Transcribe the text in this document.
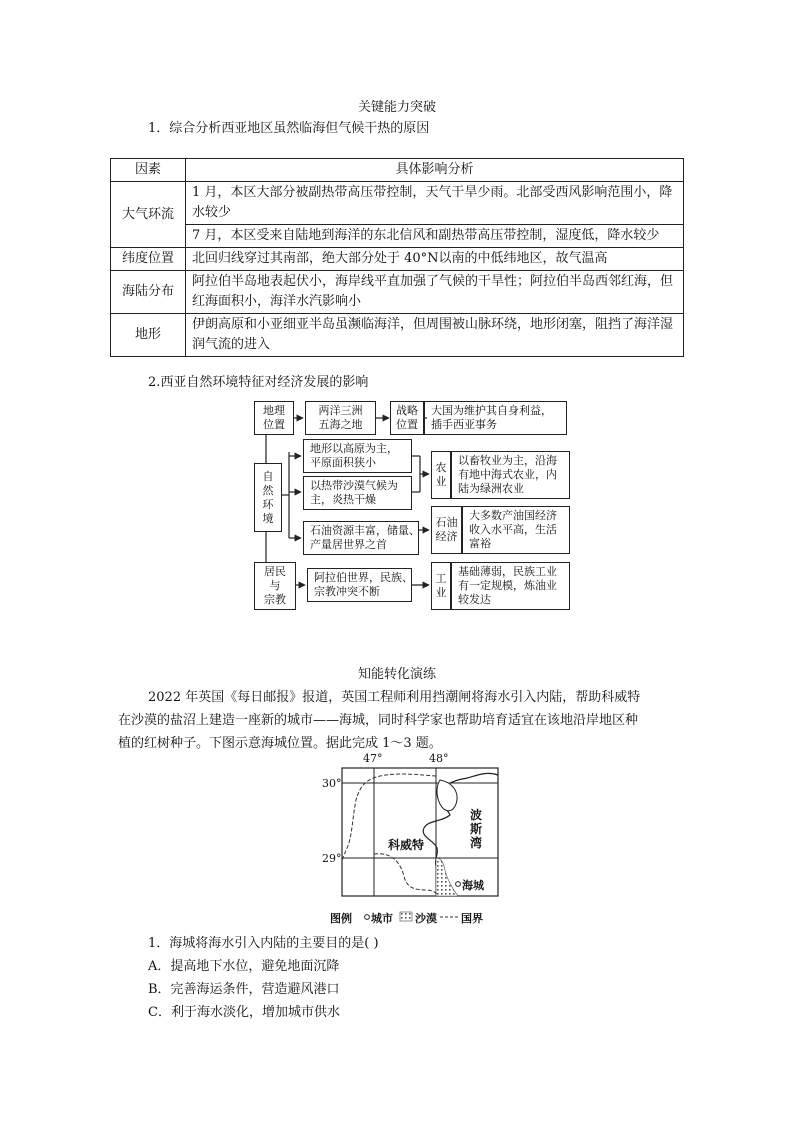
关键能力突破
1．综合分析西亚地区虽然临海但气候干热的原因
因素	具体影响分析
大气环流	1 月，本区大部分被副热带高压带控制，天气干旱少雨。北部受西风影响范围小，降水较少
	7 月，本区受来自陆地到海洋的东北信风和副热带高压带控制，湿度低，降水较少
纬度位置	北回归线穿过其南部，绝大部分处于 40°N以南的中低纬地区，故气温高
海陆分布	阿拉伯半岛地表起伏小，海岸线平直加强了气候的干旱性；阿拉伯半岛西邻红海，但红海面积小，海洋水汽影响小
地形	伊朗高原和小亚细亚半岛虽濒临海洋，但周围被山脉环绕，地形闭塞，阻挡了海洋湿润气流的进入
2.西亚自然环境特征对经济发展的影响
地理
位置
两洋三洲
五海之地
战略
位置
大国为维护其自身利益，
插手西亚事务
自
然
环
境
地形以高原为主，
平原面积狭小
以热带沙漠气候为
主，炎热干燥
石油资源丰富，储量、
产量居世界之首
农
业
以畜牧业为主，沿海
有地中海式农业，内
陆为绿洲农业
石油
经济
大多数产油国经济
收入水平高，生活
富裕
居民
与
宗教
阿拉伯世界，民族、
宗教冲突不断
工
业
基础薄弱，民族工业
有一定规模，炼油业
较发达
知能转化演练
2022 年英国《每日邮报》报道，英国工程师利用挡潮闸将海水引入内陆，帮助科威特
在沙漠的盐沼上建造一座新的城市——海城，同时科学家也帮助培育适宜在该地沿岸地区种
植的红树种子。下图示意海城位置。据此完成 1～3 题。
47°	48°
30°
29°
波
斯
湾
科威特
海城
图例 城市 沙漠 国界
1．海城将海水引入内陆的主要目的是( )
A．提高地下水位，避免地面沉降
B．完善海运条件，营造避风港口
C．利于海水淡化，增加城市供水
